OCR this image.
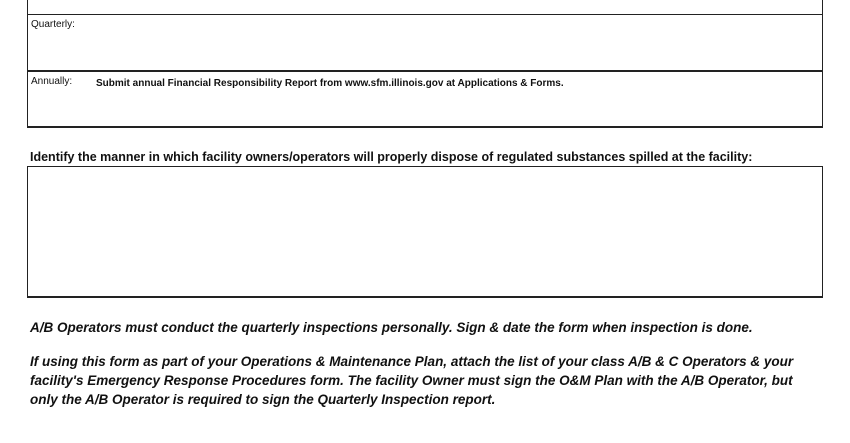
Quarterly:
Annually: Submit annual Financial Responsibility Report from www.sfm.illinois.gov at Applications & Forms.
Identify the manner in which facility owners/operators will properly dispose of regulated substances spilled at the facility:
A/B Operators must conduct the quarterly inspections personally. Sign & date the form when inspection is done.
If using this form as part of your Operations & Maintenance Plan, attach the list of your class A/B & C Operators & your facility's Emergency Response Procedures form. The facility Owner must sign the O&M Plan with the A/B Operator, but only the A/B Operator is required to sign the Quarterly Inspection report.
